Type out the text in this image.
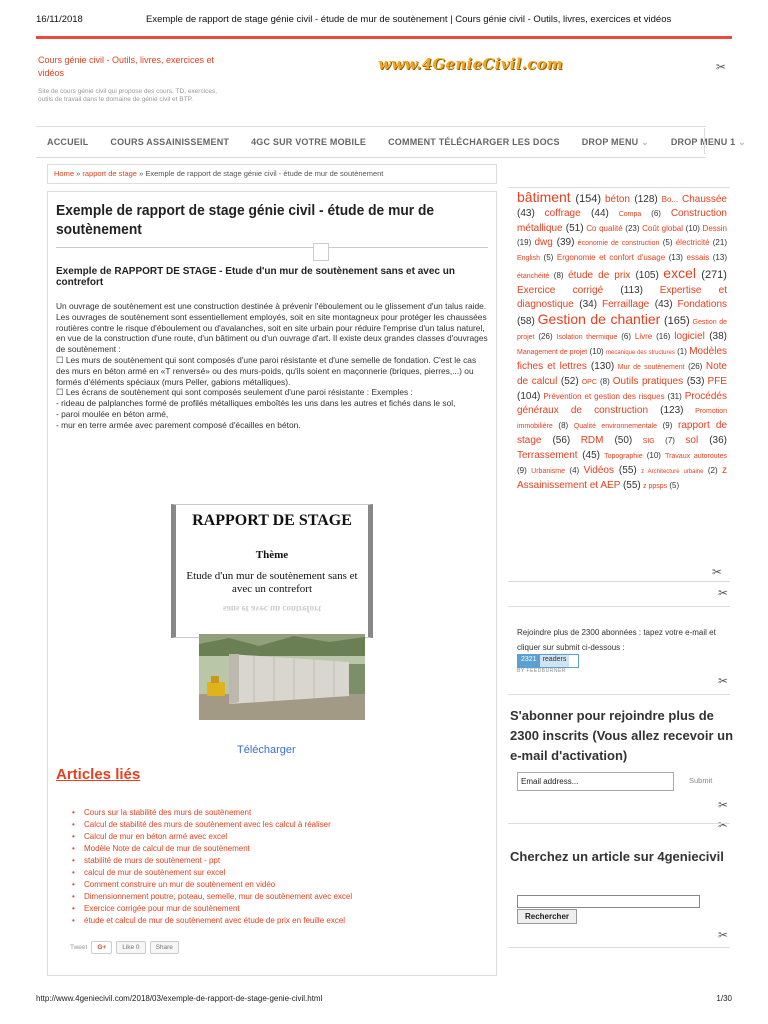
16/11/2018	Exemple de rapport de stage génie civil - étude de mur de soutènement | Cours génie civil - Outils, livres, exercices et vidéos
Cours génie civil - Outils, livres, exercices et vidéos
Site de cours génie civil qui propose des cours, TD, exercices, outils de travail dans le domaine de génie civil et BTP.
www.4GenieCivil.com	✂
ACCUEIL	COURS ASSAINISSEMENT	4GC SUR VOTRE MOBILE	COMMENT TÉLÉCHARGER LES DOCS	DROP MENU ⌄	DROP MENU 1 ⌄
Home » rapport de stage » Exemple de rapport de stage génie civil - étude de mur de soutènement
Exemple de rapport de stage génie civil - étude de mur de soutènement
Exemple de RAPPORT DE STAGE - Etude d'un mur de soutènement sans et avec un contrefort

Un ouvrage de soutènement est une construction destinée à prévenir l'éboulement ou le glissement d'un talus raide. Les ouvrages de soutènement sont essentiellement employés, soit en site montagneux pour protéger les chaussées routières contre le risque d'éboulement ou d'avalanches, soit en site urbain pour réduire l'emprise d'un talus naturel, en vue de la construction d'une route, d'un bâtiment ou d'un ouvrage d'art. Il existe deux grandes classes d'ouvrages de soutènement :

☐ Les murs de soutènement qui sont composés d'une paroi résistante et d'une semelle de fondation. C'est le cas des murs en béton armé en «T renversé» ou des murs-poids, qu'ils soient en maçonnerie (briques, pierres,...) ou formés d'éléments spéciaux (murs Peller, gabions métalliques).

☐ Les écrans de soutènement qui sont composés seulement d'une paroi résistante : Exemples :

- rideau de palplanches formé de profilés métalliques emboîtés les uns dans les autres et fichés dans le sol,

- paroi moulée en béton armé,

- mur en terre armée avec parement composé d'écailles en béton.

RAPPORT DE STAGE
Thème
Etude d'un mur de soutènement sans et avec un contrefort
sans et avec un contrefort
Télécharger
Articles liés
• Cours sur la stabilité des murs de soutènement
• Calcul de stabilité des murs de soutènement avec les calcul à réaliser
• Calcul de mur en béton armé avec excel
• Modèle Note de calcul de mur de soutènement
• stabilité de murs de soutènement - ppt
• calcul de mur de soutènement sur excel
• Comment construire un mur de soutènement en vidéo
• Dimensionnement poutre, poteau, semelle, mur de soutènement avec excel
• Exercice corrigée pour mur de soutènement
• étude et calcul de mur de soutènement avec étude de prix en feuille excel
Tweet	G+	Like 0	Share
bâtiment (154) béton (128) Bo... Chaussée (43) coffrage (44) Compa (6) Construction métallique (51) Co qualité (23) Coût global (10) Dessin (19) dwg (39) économie de construction (5) électricité (21) English (5) Ergonomie et confort d'usage (13) essais (13) étanchéité (8) étude de prix (105) excel (271) Exercice corrigé (113) Expertise et diagnostique (34) Ferraillage (43) Fondations (58) Gestion de chantier (165) Gestion de projet (26) Isolation thermique (6) Livre (16) logiciel (38) Management de projet (10) mécanique des structures (1) Modèles fiches et lettres (130) Mur de soutènement (26) Note de calcul (52) OPC (8) Outils pratiques (53) PFE (104) Prévention et gestion des risques (31) Procédés généraux de construction (123) Promotion immobilière (8) Qualité environnementale (9) rapport de stage (56) RDM (50) SIG (7) sol (36) Terrassement (45) Topographie (10) Travaux autoroutes (9) Urbanisme (4) Vidéos (55) z Architecture urbaine (2) z Assainissement et AEP (55) z ppsps (5)
✂
✂
Rejoindre plus de 2300 abonnées : tapez votre e-mail et cliquer sur submit ci-dessous :
2321 readers
BY FEEDBURNER
✂
S'abonner pour rejoindre plus de 2300 inscrits (Vous allez recevoir un e-mail d'activation)
Email address...
Submit
✂
✂
Cherchez un article sur 4geniecivil
Rechercher
✂
http://www.4geniecivil.com/2018/03/exemple-de-rapport-de-stage-genie-civil.html	1/30
